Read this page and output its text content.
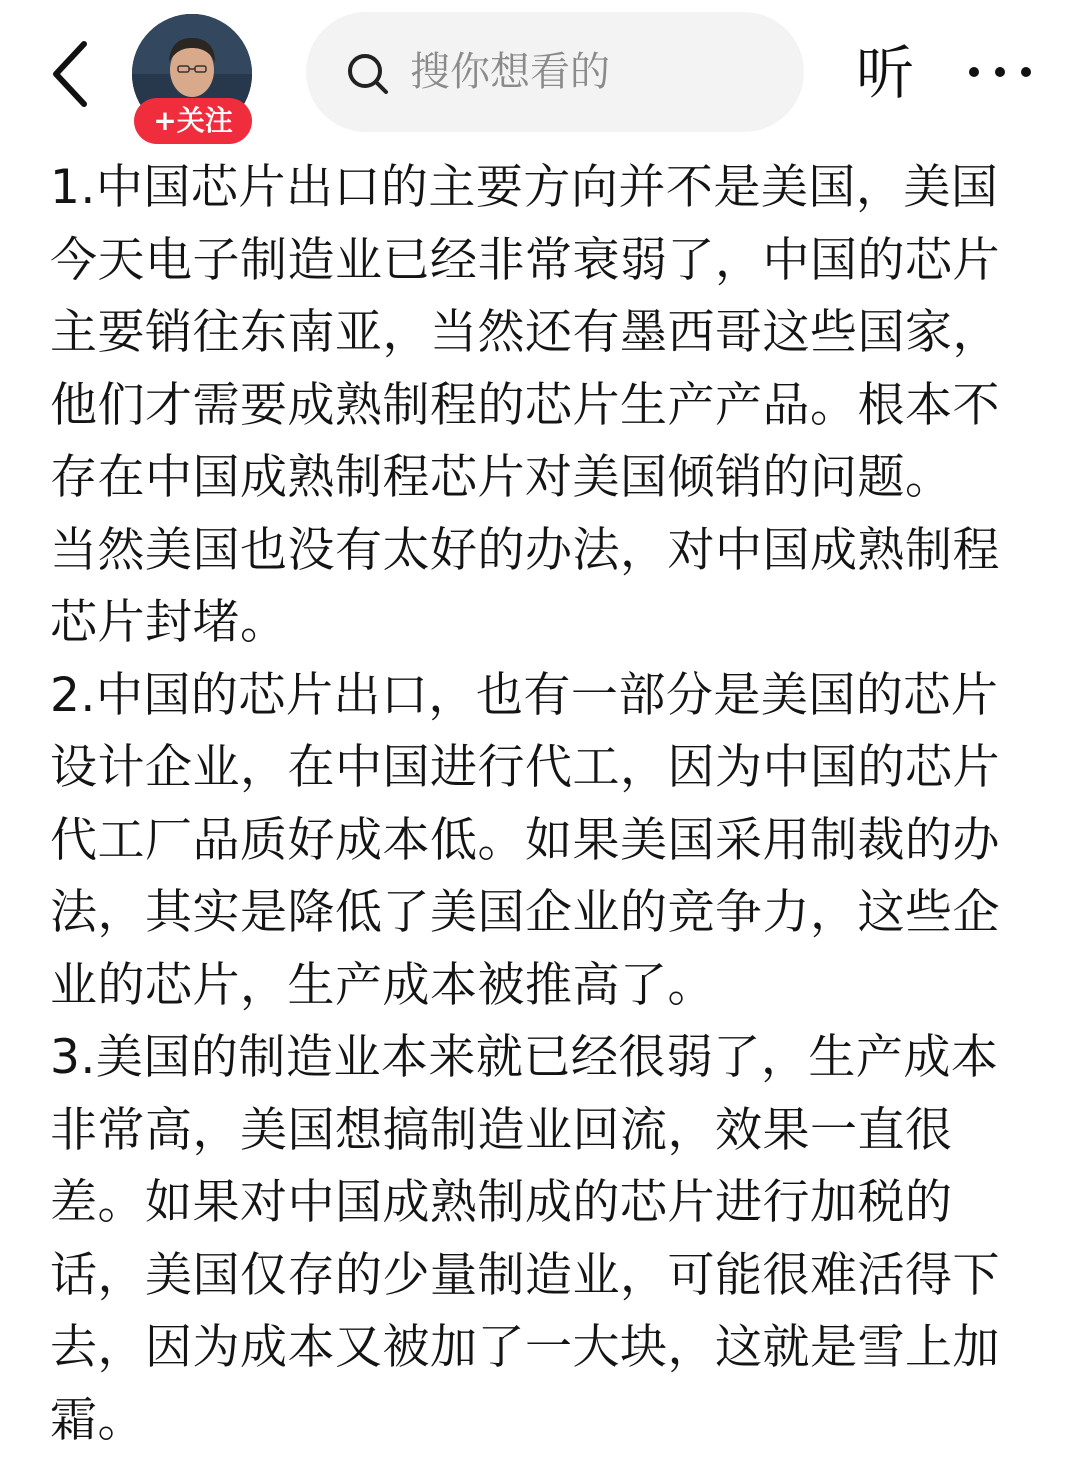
+关注
搜你想看的	听
1.中国芯片出口的主要方向并不是美国，美国
今天电子制造业已经非常衰弱了，中国的芯片
主要销往东南亚，当然还有墨西哥这些国家，
他们才需要成熟制程的芯片生产产品。根本不
存在中国成熟制程芯片对美国倾销的问题。
当然美国也没有太好的办法，对中国成熟制程
芯片封堵。
2.中国的芯片出口，也有一部分是美国的芯片
设计企业，在中国进行代工，因为中国的芯片
代工厂品质好成本低。如果美国采用制裁的办
法，其实是降低了美国企业的竞争力，这些企
业的芯片，生产成本被推高了。
3.美国的制造业本来就已经很弱了，生产成本
非常高，美国想搞制造业回流，效果一直很
差。如果对中国成熟制成的芯片进行加税的
话，美国仅存的少量制造业，可能很难活得下
去，因为成本又被加了一大块，这就是雪上加
霜。
